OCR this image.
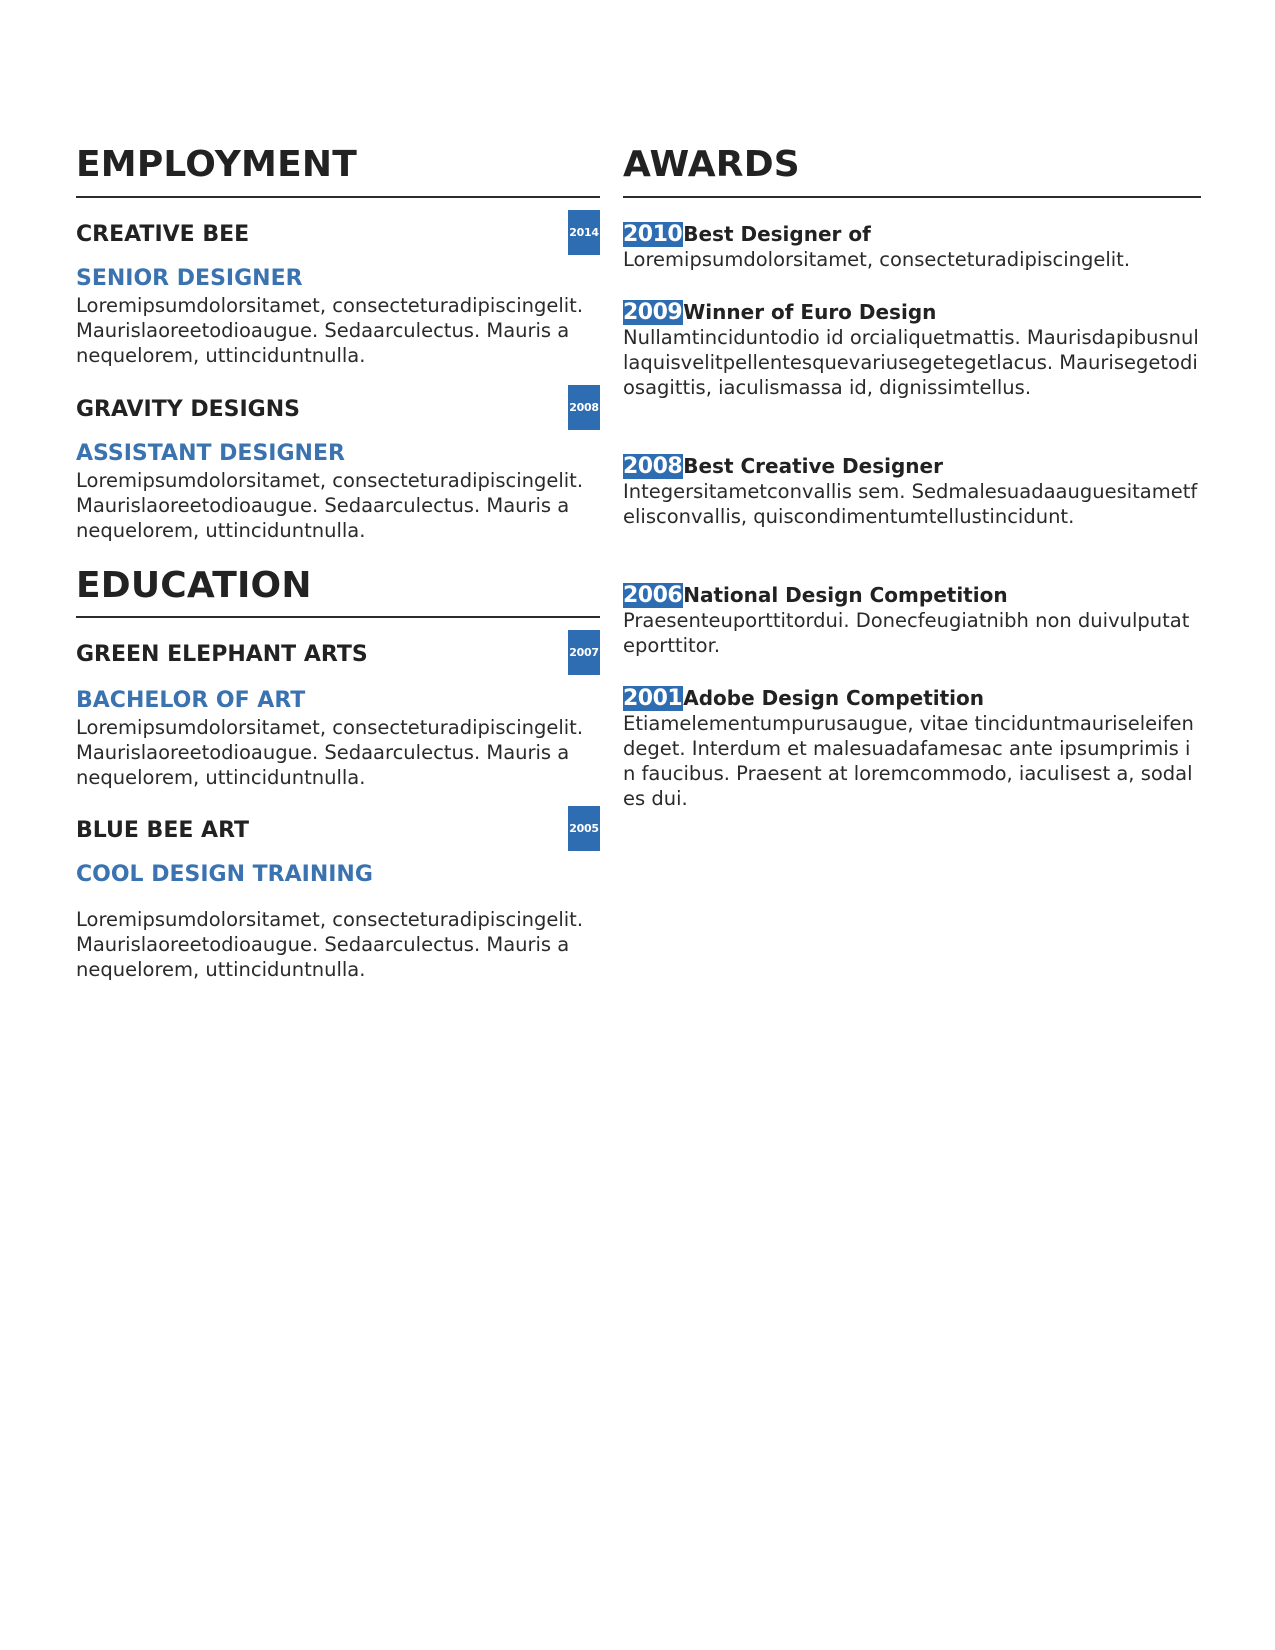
EMPLOYMENT
CREATIVE BEE	2014
SENIOR DESIGNER

Loremipsumdolorsitamet, consecteturadipiscingelit. Maurislaoreetodioaugue. Sedaarculectus. Mauris a nequelorem, uttinciduntnulla.

GRAVITY DESIGNS	2008
ASSISTANT DESIGNER

Loremipsumdolorsitamet, consecteturadipiscingelit. Maurislaoreetodioaugue. Sedaarculectus. Mauris a nequelorem, uttinciduntnulla.

EDUCATION
GREEN ELEPHANT ARTS	2007
BACHELOR OF ART

Loremipsumdolorsitamet, consecteturadipiscingelit. Maurislaoreetodioaugue. Sedaarculectus. Mauris a nequelorem, uttinciduntnulla.

BLUE BEE ART	2005
COOL DESIGN TRAINING

Loremipsumdolorsitamet, consecteturadipiscingelit. Maurislaoreetodioaugue. Sedaarculectus. Mauris a nequelorem, uttinciduntnulla.

AWARDS
2010Best Designer of

Loremipsumdolorsitamet, consecteturadipiscingelit.

2009Winner of Euro Design

Nullamtinciduntodio id orcialiquetmattis. Maurisdapibusnullaquisvelitpellentesquevariusegetegetlacus. Maurisegetodiosagittis, iaculismassa id, dignissimtellus.

2008Best Creative Designer

Integersitametconvallis sem. Sedmalesuadaauguesitametfelisconvallis, quiscondimentumtellustincidunt.

2006National Design Competition

Praesenteuporttitordui. Donecfeugiatnibh non duivulputateporttitor.

2001Adobe Design Competition

Etiamelementumpurusaugue, vitae tinciduntmauriseleifendeget. Interdum et malesuadafamesac ante ipsumprimis in faucibus. Praesent at loremcommodo, iaculisest a, sodales dui.
